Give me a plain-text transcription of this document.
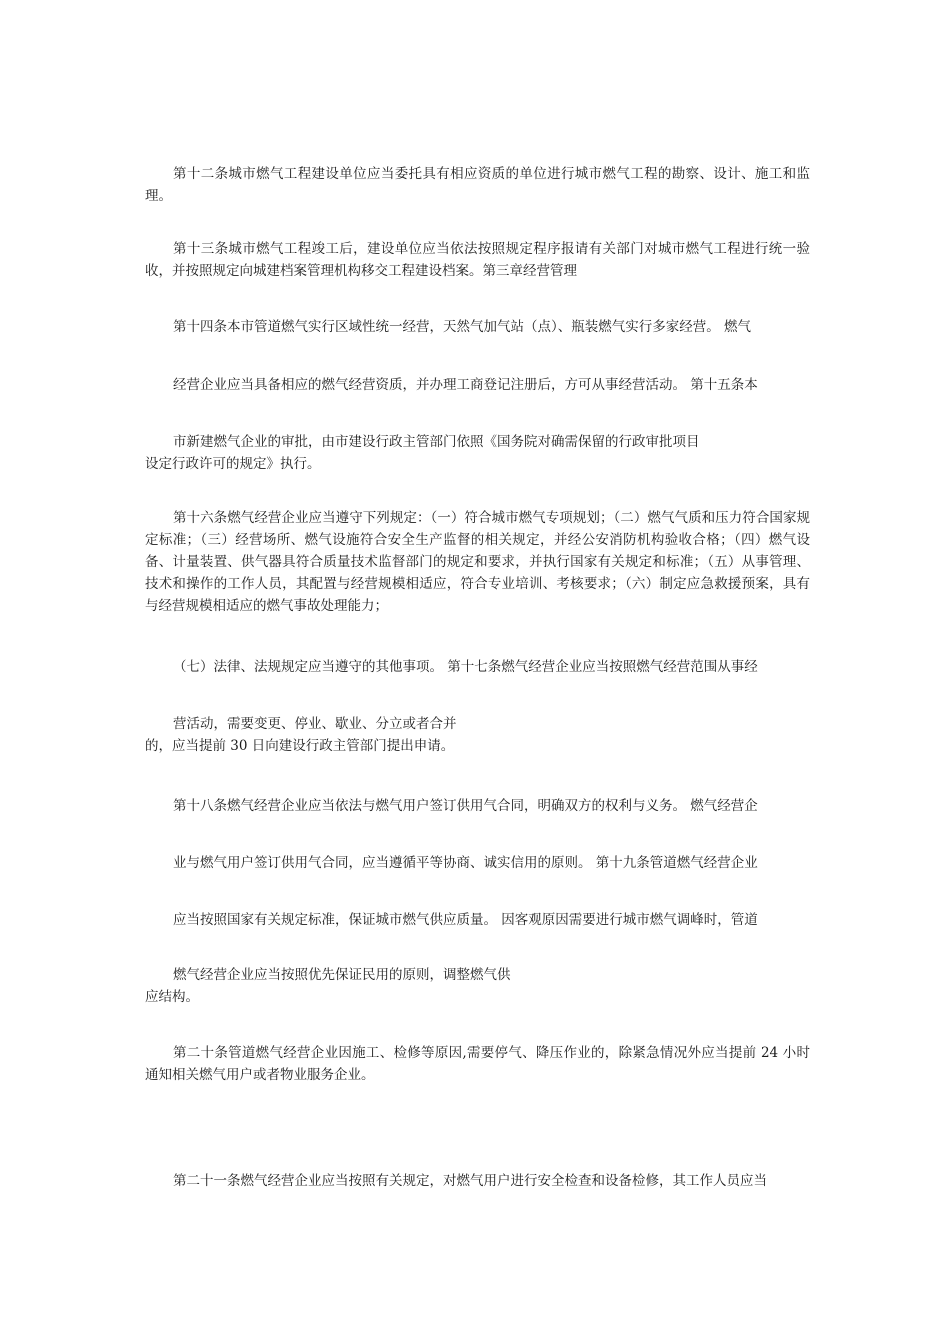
第十二条城市燃气工程建设单位应当委托具有相应资质的单位进行城市燃气工程的勘察、设计、施工和监理。

第十三条城市燃气工程竣工后，建设单位应当依法按照规定程序报请有关部门对城市燃气工程进行统一验收，并按照规定向城建档案管理机构移交工程建设档案。第三章经营管理

第十四条本市管道燃气实行区域性统一经营，天然气加气站（点）、瓶装燃气实行多家经营。 燃气

经营企业应当具备相应的燃气经营资质，并办理工商登记注册后，方可从事经营活动。 第十五条本

市新建燃气企业的审批，由市建设行政主管部门依照《国务院对确需保留的行政审批项目
设定行政许可的规定》执行。

第十六条燃气经营企业应当遵守下列规定：（一）符合城市燃气专项规划；（二）燃气气质和压力符合国家规定标准；（三）经营场所、燃气设施符合安全生产监督的相关规定，并经公安消防机构验收合格；（四）燃气设备、计量装置、供气器具符合质量技术监督部门的规定和要求，并执行国家有关规定和标准；（五）从事管理、技术和操作的工作人员，其配置与经营规模相适应，符合专业培训、考核要求；（六）制定应急救援预案，具有与经营规模相适应的燃气事故处理能力；

（七）法律、法规规定应当遵守的其他事项。 第十七条燃气经营企业应当按照燃气经营范围从事经

营活动，需要变更、停业、歇业、分立或者合并
的，应当提前 30 日向建设行政主管部门提出申请。

第十八条燃气经营企业应当依法与燃气用户签订供用气合同，明确双方的权利与义务。 燃气经营企

业与燃气用户签订供用气合同，应当遵循平等协商、诚实信用的原则。 第十九条管道燃气经营企业

应当按照国家有关规定标准，保证城市燃气供应质量。 因客观原因需要进行城市燃气调峰时，管道

燃气经营企业应当按照优先保证民用的原则，调整燃气供
应结构。

第二十条管道燃气经营企业因施工、检修等原因,需要停气、降压作业的，除紧急情况外应当提前 24 小时通知相关燃气用户或者物业服务企业。

第二十一条燃气经营企业应当按照有关规定，对燃气用户进行安全检查和设备检修，其工作人员应当
